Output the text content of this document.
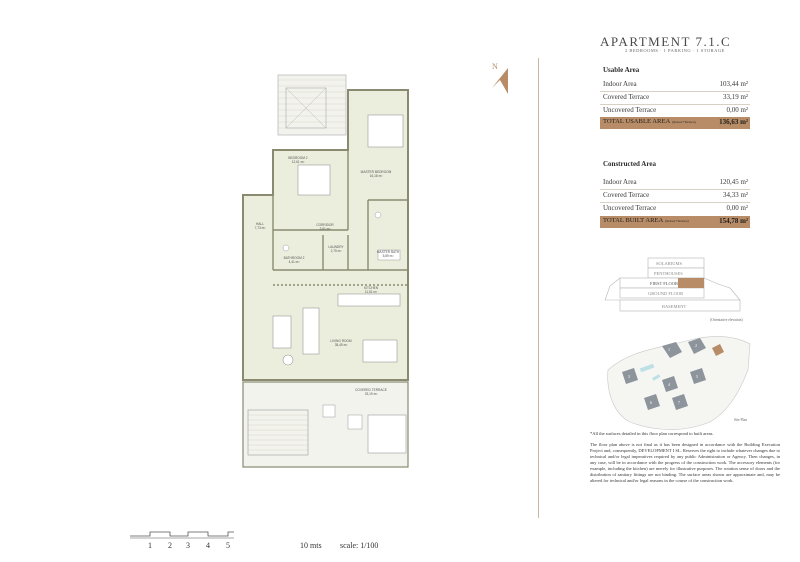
BEDROOM 2
12,61 m²
MASTER BEDROOM
16,18 m²
HALL
7,73 m²
CORRIDOR
3,91 m²
LAUNDRY
2,75 m²	MASTER BATH
5,89 m²
BATHROOM 2
4,41 m²
KITCHEN
11,51 m²
LIVING ROOM
35,45 m²
COVERED TERRACE
33,19 m²
1 2 3 4 5	10 mts scale: 1/100
N
APARTMENT 7.1.C
2 BEDROOMS · 1 PARKING · 1 STORAGE
Usable Area
Indoor Area	103,44 m²
Covered Terrace	33,19 m²
Uncovered Terrace	0,00 m²
TOTAL USABLE AREA (Indoor+Terrace)	136,63 m²
Constructed Area
Indoor Area	120,45 m²
Covered Terrace	34,33 m²
Uncovered Terrace	0,00 m²
TOTAL BUILT AREA (Indoor+Terrace)	154,78 m²
SOLARIUMS
PENTHOUSES
FIRST FLOOR
GROUND FLOOR
BASEMENT
(Orientative elevation)
1
2
3
4
5
6	7
Site Plan
*All the surfaces detailed in this floor plan correspond to built areas.
The floor plan above is not final as it has been designed in accordance with the Building Execution Project and, consequently, DEVELOPMENT I SL. Reserves the right to include whatever changes due to technical and/or legal imperatives required by any public Administration or Agency. Then changes, in any case, will be in accordance with the progress of the construction work. The accessory elements (for example, including the kitchen) are merely for illustrative purposes. The rotation sense of doors and the distribution of sanitary fittings are not binding. The surface areas shown are approximate and, may be altered for technical and/or legal reasons in the course of the construction work.
